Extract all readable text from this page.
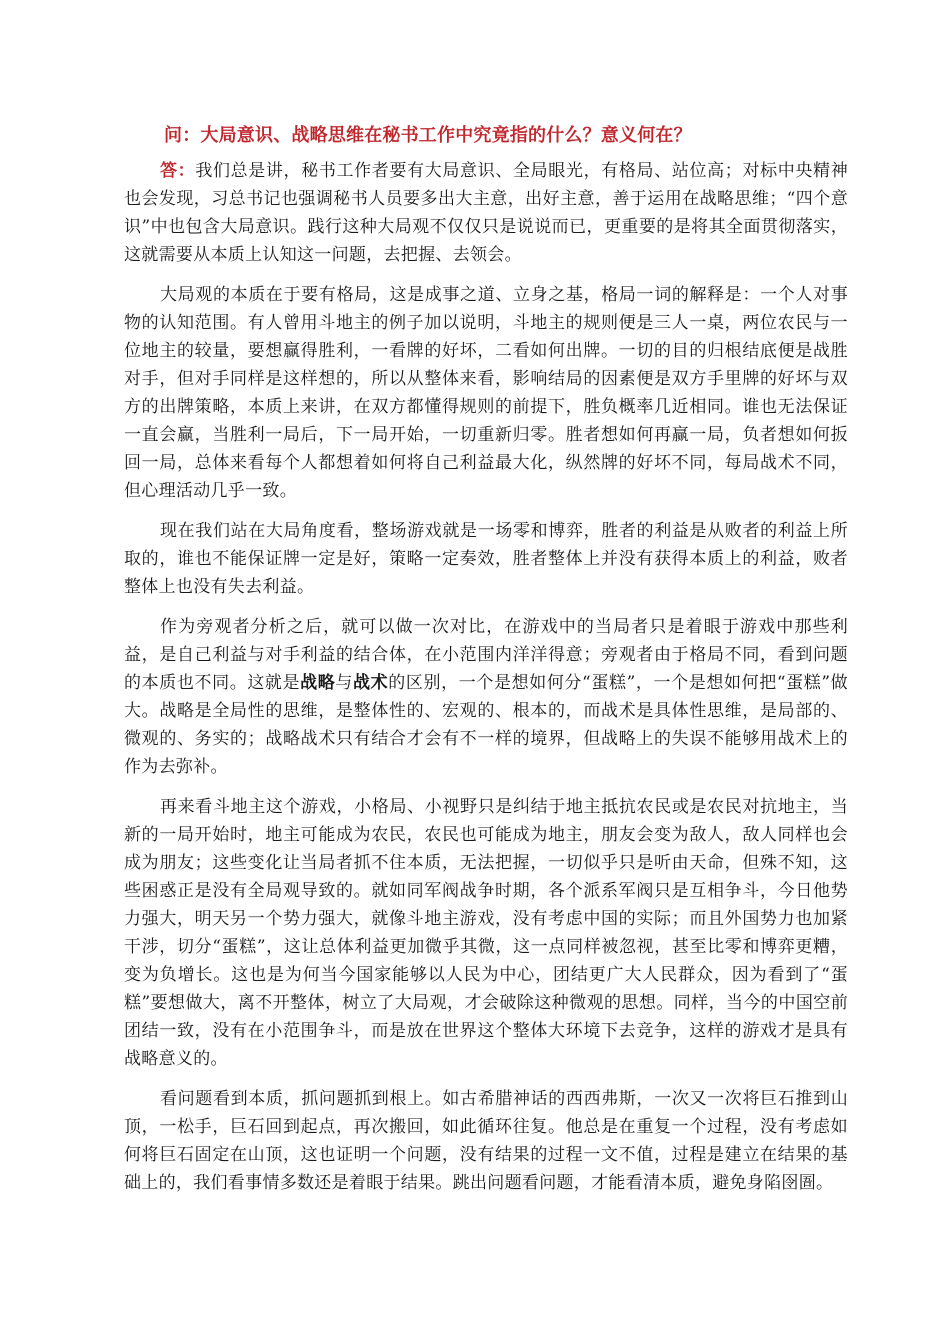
问：大局意识、战略思维在秘书工作中究竟指的什么？意义何在？

答：我们总是讲，秘书工作者要有大局意识、全局眼光，有格局、站位高；对标中央精神也会发现，习总书记也强调秘书人员要多出大主意，出好主意，善于运用在战略思维；“四个意识”中也包含大局意识。践行这种大局观不仅仅只是说说而已，更重要的是将其全面贯彻落实，这就需要从本质上认知这一问题，去把握、去领会。

大局观的本质在于要有格局，这是成事之道、立身之基，格局一词的解释是：一个人对事物的认知范围。有人曾用斗地主的例子加以说明，斗地主的规则便是三人一桌，两位农民与一位地主的较量，要想赢得胜利，一看牌的好坏，二看如何出牌。一切的目的归根结底便是战胜对手，但对手同样是这样想的，所以从整体来看，影响结局的因素便是双方手里牌的好坏与双方的出牌策略，本质上来讲，在双方都懂得规则的前提下，胜负概率几近相同。谁也无法保证一直会赢，当胜利一局后，下一局开始，一切重新归零。胜者想如何再赢一局，负者想如何扳回一局，总体来看每个人都想着如何将自己利益最大化，纵然牌的好坏不同，每局战术不同，但心理活动几乎一致。

现在我们站在大局角度看，整场游戏就是一场零和博弈，胜者的利益是从败者的利益上所取的，谁也不能保证牌一定是好，策略一定奏效，胜者整体上并没有获得本质上的利益，败者整体上也没有失去利益。

作为旁观者分析之后，就可以做一次对比，在游戏中的当局者只是着眼于游戏中那些利益，是自己利益与对手利益的结合体，在小范围内洋洋得意；旁观者由于格局不同，看到问题的本质也不同。这就是战略与战术的区别，一个是想如何分“蛋糕”，一个是想如何把“蛋糕”做大。战略是全局性的思维，是整体性的、宏观的、根本的，而战术是具体性思维，是局部的、微观的、务实的；战略战术只有结合才会有不一样的境界，但战略上的失误不能够用战术上的作为去弥补。

再来看斗地主这个游戏，小格局、小视野只是纠结于地主抵抗农民或是农民对抗地主，当新的一局开始时，地主可能成为农民，农民也可能成为地主，朋友会变为敌人，敌人同样也会成为朋友；这些变化让当局者抓不住本质，无法把握，一切似乎只是听由天命，但殊不知，这些困惑正是没有全局观导致的。就如同军阀战争时期，各个派系军阀只是互相争斗，今日他势力强大，明天另一个势力强大，就像斗地主游戏，没有考虑中国的实际；而且外国势力也加紧干涉，切分“蛋糕”，这让总体利益更加微乎其微，这一点同样被忽视，甚至比零和博弈更糟，变为负增长。这也是为何当今国家能够以人民为中心，团结更广大人民群众，因为看到了“蛋糕”要想做大，离不开整体，树立了大局观，才会破除这种微观的思想。同样，当今的中国空前团结一致，没有在小范围争斗，而是放在世界这个整体大环境下去竞争，这样的游戏才是具有战略意义的。

看问题看到本质，抓问题抓到根上。如古希腊神话的西西弗斯，一次又一次将巨石推到山顶，一松手，巨石回到起点，再次搬回，如此循环往复。他总是在重复一个过程，没有考虑如何将巨石固定在山顶，这也证明一个问题，没有结果的过程一文不值，过程是建立在结果的基础上的，我们看事情多数还是着眼于结果。跳出问题看问题，才能看清本质，避免身陷囹圄。
